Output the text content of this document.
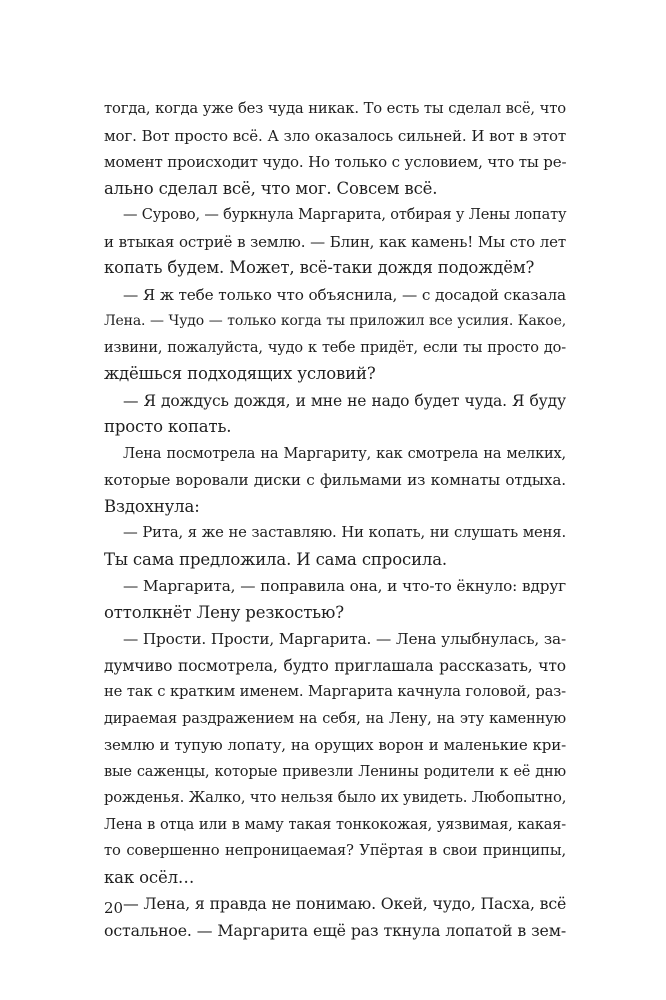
тогда, когда уже без чуда никак. То есть ты сделал всё, что
мог. Вот просто всё. А зло оказалось сильней. И вот в этот
момент происходит чудо. Но только с условием, что ты ре-
ально сделал всё, что мог. Совсем всё.
— Сурово, — буркнула Маргарита, отбирая у Лены лопату
и втыкая остриё в землю. — Блин, как камень! Мы сто лет
копать будем. Может, всё-таки дождя подождём?
— Я ж тебе только что объяснила, — с досадой сказала
Лена. — Чудо — только когда ты приложил все усилия. Какое,
извини, пожалуйста, чудо к тебе придёт, если ты просто до-
ждёшься подходящих условий?
— Я дождусь дождя, и мне не надо будет чуда. Я буду
просто копать.
Лена посмотрела на Маргариту, как смотрела на мелких,
которые воровали диски с фильмами из комнаты отдыха.
Вздохнула:
— Рита, я же не заставляю. Ни копать, ни слушать меня.
Ты сама предложила. И сама спросила.
— Маргарита, — поправила она, и что-то ёкнуло: вдруг
оттолкнёт Лену резкостью?
— Прости. Прости, Маргарита. — Лена улыбнулась, за-
думчиво посмотрела, будто приглашала рассказать, что
не так с кратким именем. Маргарита качнула головой, раз-
дираемая раздражением на себя, на Лену, на эту каменную
землю и тупую лопату, на орущих ворон и маленькие кри-
вые саженцы, которые привезли Ленины родители к её дню
рожденья. Жалко, что нельзя было их увидеть. Любопытно,
Лена в отца или в маму такая тонкокожая, уязвимая, какая-
то совершенно непроницаемая? Упёртая в свои принципы,
как осёл…
— Лена, я правда не понимаю. Окей, чудо, Пасха, всё
остальное. — Маргарита ещё раз ткнула лопатой в зем-
20
